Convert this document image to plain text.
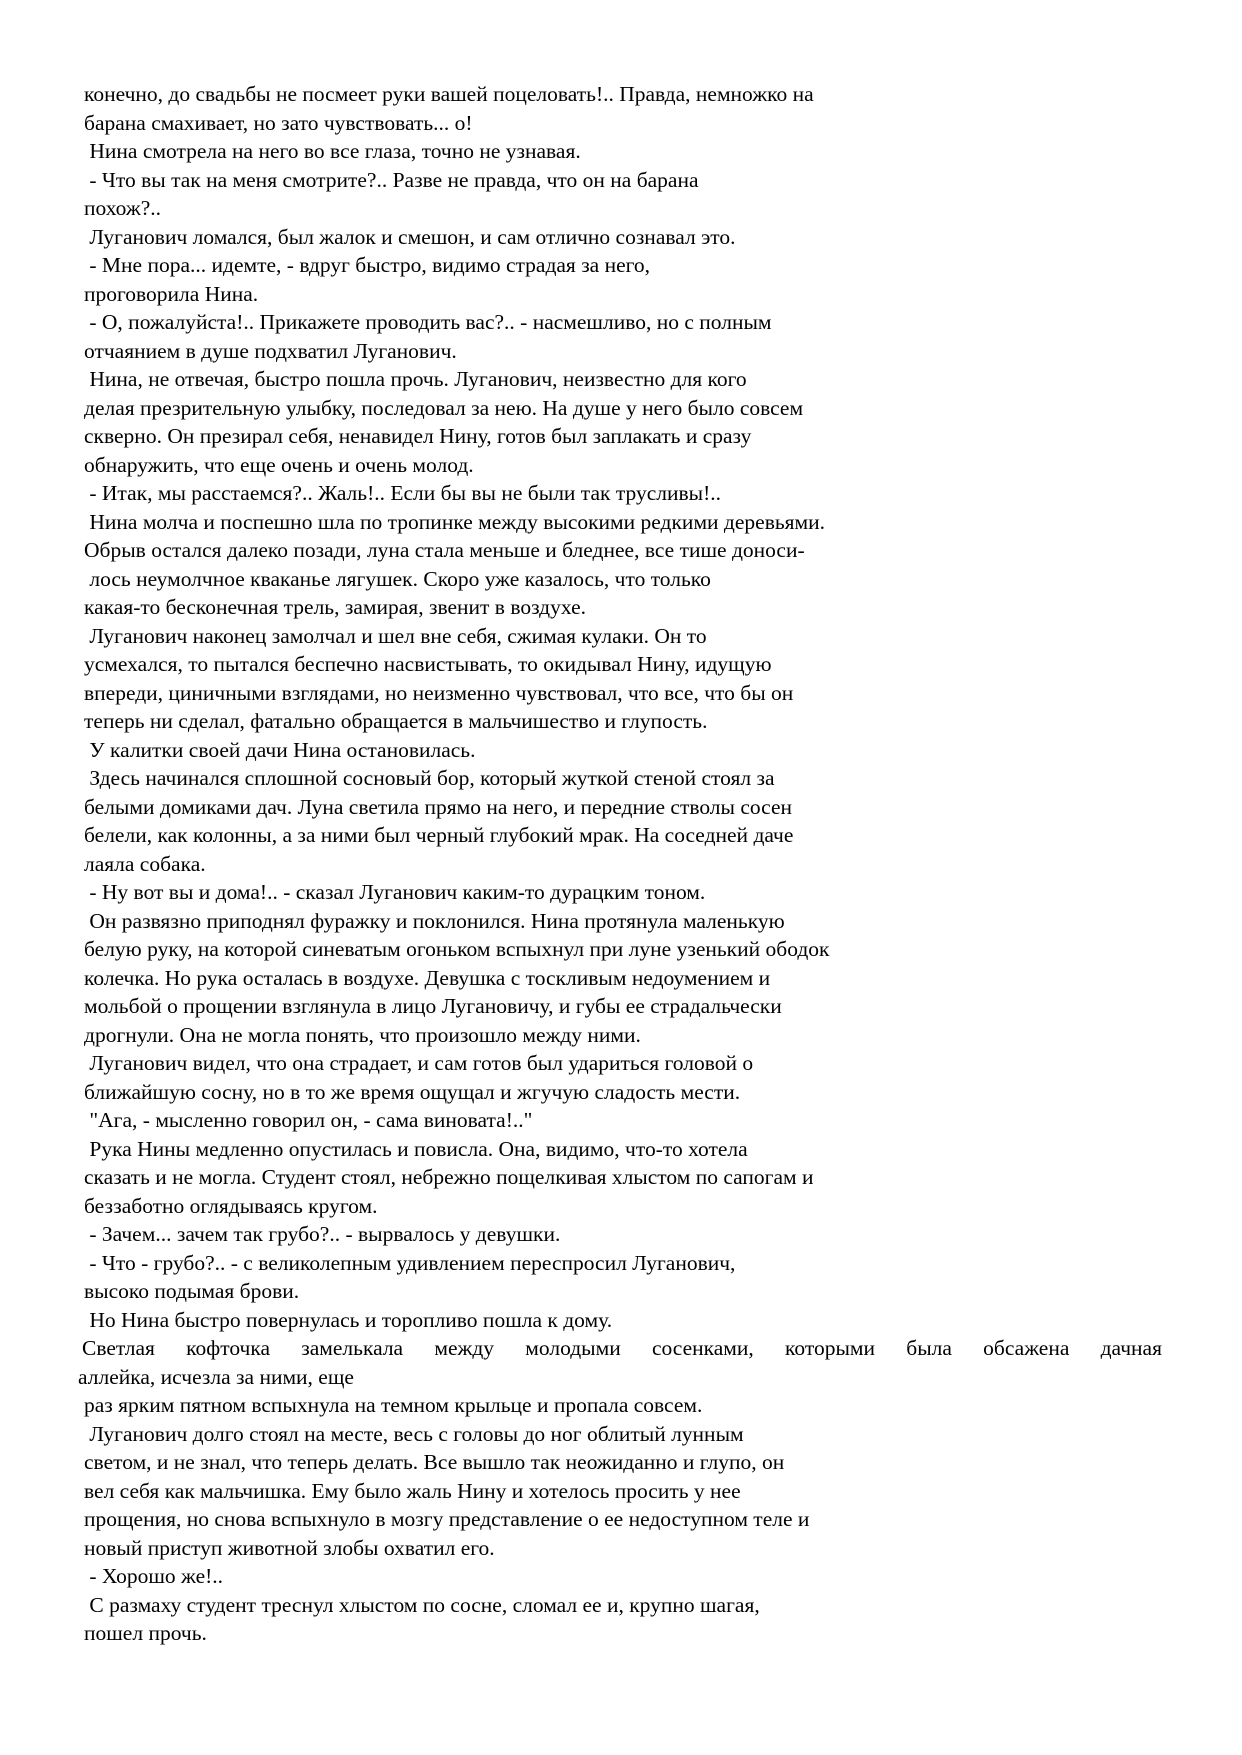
конечно, до свадьбы не посмеет руки вашей поцеловать!.. Правда, немножко на
барана смахивает, но зато чувствовать... о!
Нина смотрела на него во все глаза, точно не узнавая.
- Что вы так на меня смотрите?.. Разве не правда, что он на барана
похож?..
Луганович ломался, был жалок и смешон, и сам отлично сознавал это.
- Мне пора... идемте, - вдруг быстро, видимо страдая за него,
проговорила Нина.
- О, пожалуйста!.. Прикажете проводить вас?.. - насмешливо, но с полным
отчаянием в душе подхватил Луганович.
Нина, не отвечая, быстро пошла прочь. Луганович, неизвестно для кого
делая презрительную улыбку, последовал за нею. На душе у него было совсем
скверно. Он презирал себя, ненавидел Нину, готов был заплакать и сразу
обнаружить, что еще очень и очень молод.
- Итак, мы расстаемся?.. Жаль!.. Если бы вы не были так трусливы!..
Нина молча и поспешно шла по тропинке между высокими редкими деревьями.
Обрыв остался далеко позади, луна стала меньше и бледнее, все тише доноси-
лось неумолчное кваканье лягушек. Скоро уже казалось, что только
какая-то бесконечная трель, замирая, звенит в воздухе.
Луганович наконец замолчал и шел вне себя, сжимая кулаки. Он то
усмехался, то пытался беспечно насвистывать, то окидывал Нину, идущую
впереди, циничными взглядами, но неизменно чувствовал, что все, что бы он
теперь ни сделал, фатально обращается в мальчишество и глупость.
У калитки своей дачи Нина остановилась.
Здесь начинался сплошной сосновый бор, который жуткой стеной стоял за
белыми домиками дач. Луна светила прямо на него, и передние стволы сосен
белели, как колонны, а за ними был черный глубокий мрак. На соседней даче
лаяла собака.
- Ну вот вы и дома!.. - сказал Луганович каким-то дурацким тоном.
Он развязно приподнял фуражку и поклонился. Нина протянула маленькую
белую руку, на которой синеватым огоньком вспыхнул при луне узенький ободок
колечка. Но рука осталась в воздухе. Девушка с тоскливым недоумением и
мольбой о прощении взглянула в лицо Лугановичу, и губы ее страдальчески
дрогнули. Она не могла понять, что произошло между ними.
Луганович видел, что она страдает, и сам готов был удариться головой о
ближайшую сосну, но в то же время ощущал и жгучую сладость мести.
"Ага, - мысленно говорил он, - сама виновата!.."
Рука Нины медленно опустилась и повисла. Она, видимо, что-то хотела
сказать и не могла. Студент стоял, небрежно пощелкивая хлыстом по сапогам и
беззаботно оглядываясь кругом.
- Зачем... зачем так грубо?.. - вырвалось у девушки.
- Что - грубо?.. - с великолепным удивлением переспросил Луганович,
высоко подымая брови.
Но Нина быстро повернулась и торопливо пошла к дому.
Светлая кофточка замелькала между молодыми сосенками, которыми была обсажена дачная
аллейка, исчезла за ними, еще
раз ярким пятном вспыхнула на темном крыльце и пропала совсем.
Луганович долго стоял на месте, весь с головы до ног облитый лунным
светом, и не знал, что теперь делать. Все вышло так неожиданно и глупо, он
вел себя как мальчишка. Ему было жаль Нину и хотелось просить у нее
прощения, но снова вспыхнуло в мозгу представление о ее недоступном теле и
новый приступ животной злобы охватил его.
- Хорошо же!..
С размаху студент треснул хлыстом по сосне, сломал ее и, крупно шагая,
пошел прочь.
